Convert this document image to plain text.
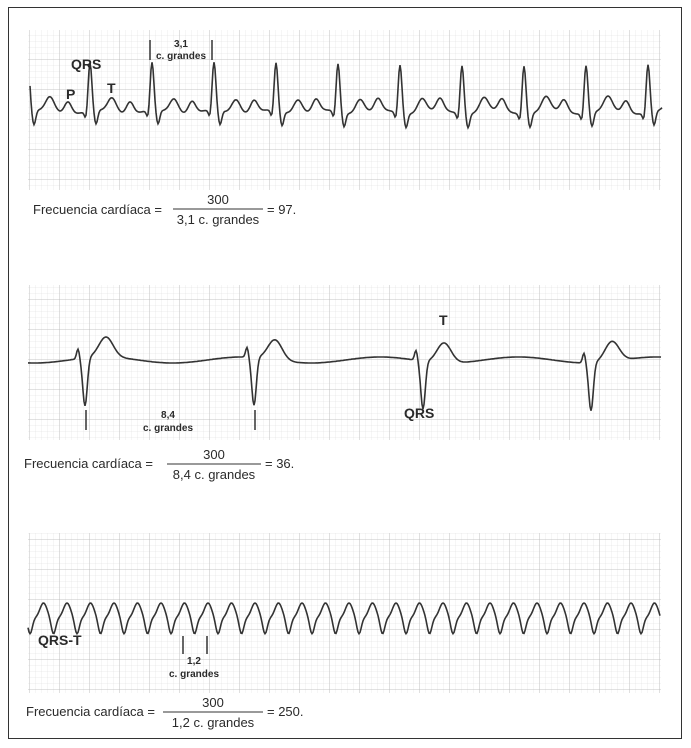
P
QRS
T
3,1
c. grandes
Frecuencia cardíaca =
300
3,1 c. grandes
= 97.
8,4
c. grandes
T
QRS
Frecuencia cardíaca =
300
8,4 c. grandes
= 36.
QRS-T
1,2
c. grandes
Frecuencia cardíaca =
300
1,2 c. grandes
= 250.
